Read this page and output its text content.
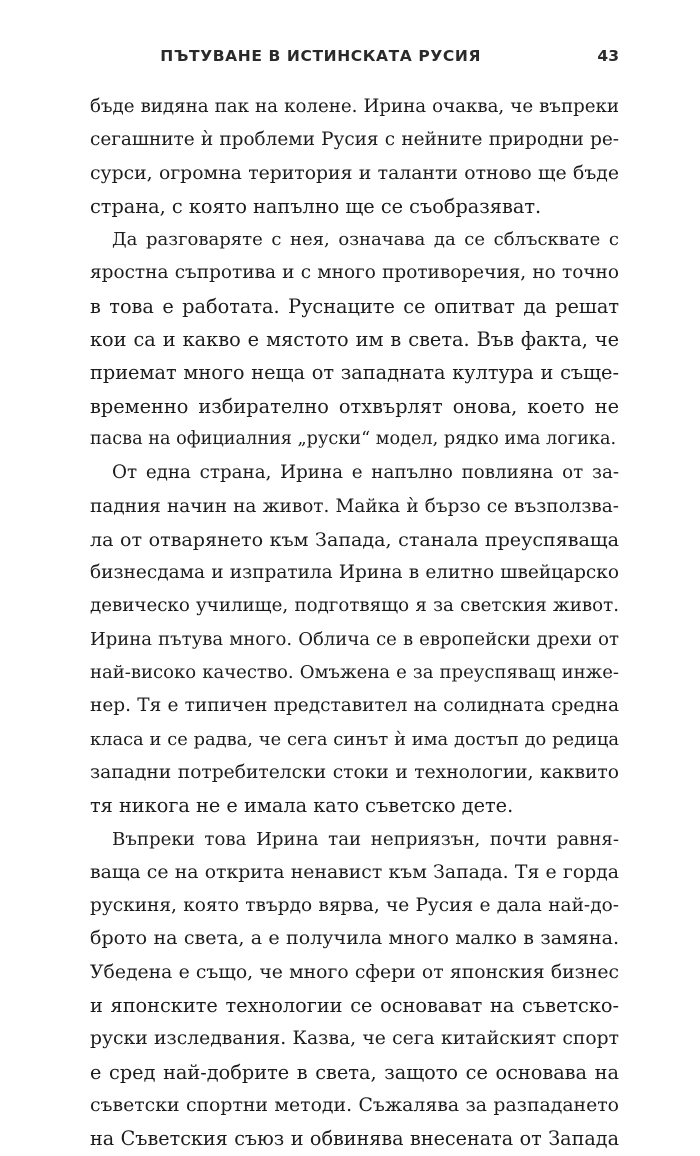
ПЪТУВАНЕ В ИСТИНСКАТА РУСИЯ	43
бъде видяна пак на колене. Ирина очаква, че въпреки
сегашните ѝ проблеми Русия с нейните природни ре-
сурси, огромна територия и таланти отново ще бъде
страна, с която напълно ще се съобразяват.
Да разговаряте с нея, означава да се сблъсквате с
яростна съпротива и с много противоречия, но точно
в това е работата. Руснаците се опитват да решат
кои са и какво е мястото им в света. Във факта, че
приемат много неща от западната култура и съще-
временно избирателно отхвърлят онова, което не
пасва на официалния „руски“ модел, рядко има логика.
От една страна, Ирина е напълно повлияна от за-
падния начин на живот. Майка ѝ бързо се възползва-
ла от отварянето към Запада, станала преуспяваща
бизнесдама и изпратила Ирина в елитно швейцарско
девическо училище, подготвящо я за светския живот.
Ирина пътува много. Облича се в европейски дрехи от
най-високо качество. Омъжена е за преуспяващ инже-
нер. Тя е типичен представител на солидната средна
класа и се радва, че сега синът ѝ има достъп до редица
западни потребителски стоки и технологии, каквито
тя никога не е имала като съветско дете.
Въпреки това Ирина таи неприязън, почти равня-
ваща се на открита ненавист към Запада. Тя е горда
рускиня, която твърдо вярва, че Русия е дала най-до-
брото на света, а е получила много малко в замяна.
Убедена е също, че много сфери от японския бизнес
и японските технологии се основават на съветско-
руски изследвания. Казва, че сега китайският спорт
е сред най-добрите в света, защото се основава на
съветски спортни методи. Съжалява за разпадането
на Съветския съюз и обвинява внесената от Запада
